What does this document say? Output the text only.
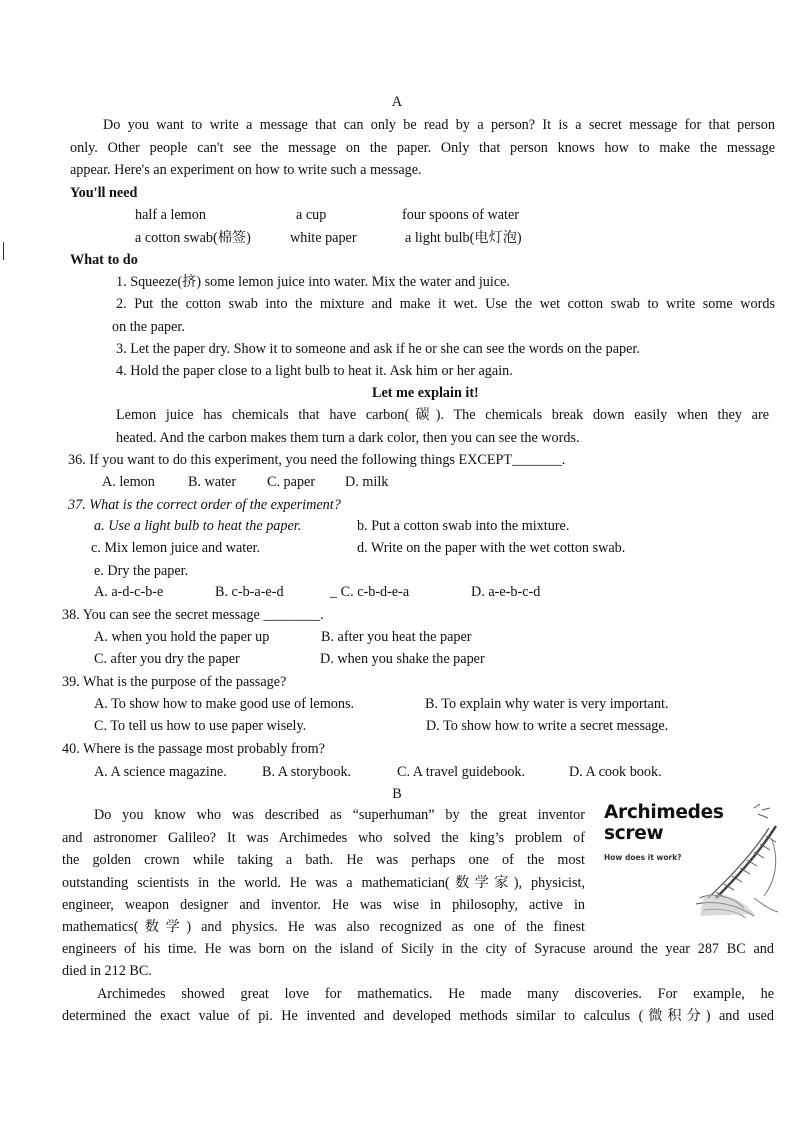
A
Do you want to write a message that can only be read by a person? It is a secret message for that person
only. Other people can't see the message on the paper. Only that person knows how to make the message
appear. Here's an experiment on how to write such a message.
You'll need
half a lemon	a cup	four spoons of water
a cotton swab(棉签)	white paper	a light bulb(电灯泡)
What to do
1. Squeeze(挤) some lemon juice into water. Mix the water and juice.
2. Put the cotton swab into the mixture and make it wet. Use the wet cotton swab to write some words
on the paper.
3. Let the paper dry. Show it to someone and ask if he or she can see the words on the paper.
4. Hold the paper close to a light bulb to heat it. Ask him or her again.
Let me explain it!
Lemon juice has chemicals that have carbon(碳). The chemicals break down easily when they are
heated. And the carbon makes them turn a dark color, then you can see the words.
36. If you want to do this experiment, you need the following things EXCEPT_______.
A. lemon B. water C. paper D. milk
37. What is the correct order of the experiment?
a. Use a light bulb to heat the paper.	b. Put a cotton swab into the mixture.
c. Mix lemon juice and water.	d. Write on the paper with the wet cotton swab.
e. Dry the paper.
A. a-d-c-b-e	B. c-b-a-e-d	_ C. c-b-d-e-a	D. a-e-b-c-d
38. You can see the secret message ________.
A. when you hold the paper up	B. after you heat the paper
C. after you dry the paper	D. when you shake the paper
39. What is the purpose of the passage?
A. To show how to make good use of lemons.	B. To explain why water is very important.
C. To tell us how to use paper wisely.	D. To show how to write a secret message.
40. Where is the passage most probably from?
A. A science magazine. B. A storybook.	C. A travel guidebook.	D. A cook book.
B
Do you know who was described as “superhuman” by the great inventor
and astronomer Galileo? It was Archimedes who solved the king’s problem of
the golden crown while taking a bath. He was perhaps one of the most
outstanding scientists in the world. He was a mathematician(数学家), physicist,
engineer, weapon designer and inventor. He was wise in philosophy, active in
mathematics(数学) and physics. He was also recognized as one of the finest
engineers of his time. He was born on the island of Sicily in the city of Syracuse around the year 287 BC and
died in 212 BC.
Archimedes showed great love for mathematics. He made many discoveries. For example, he
determined the exact value of pi. He invented and developed methods similar to calculus (微积分) and used
Archimedes
screw
How does it work?
